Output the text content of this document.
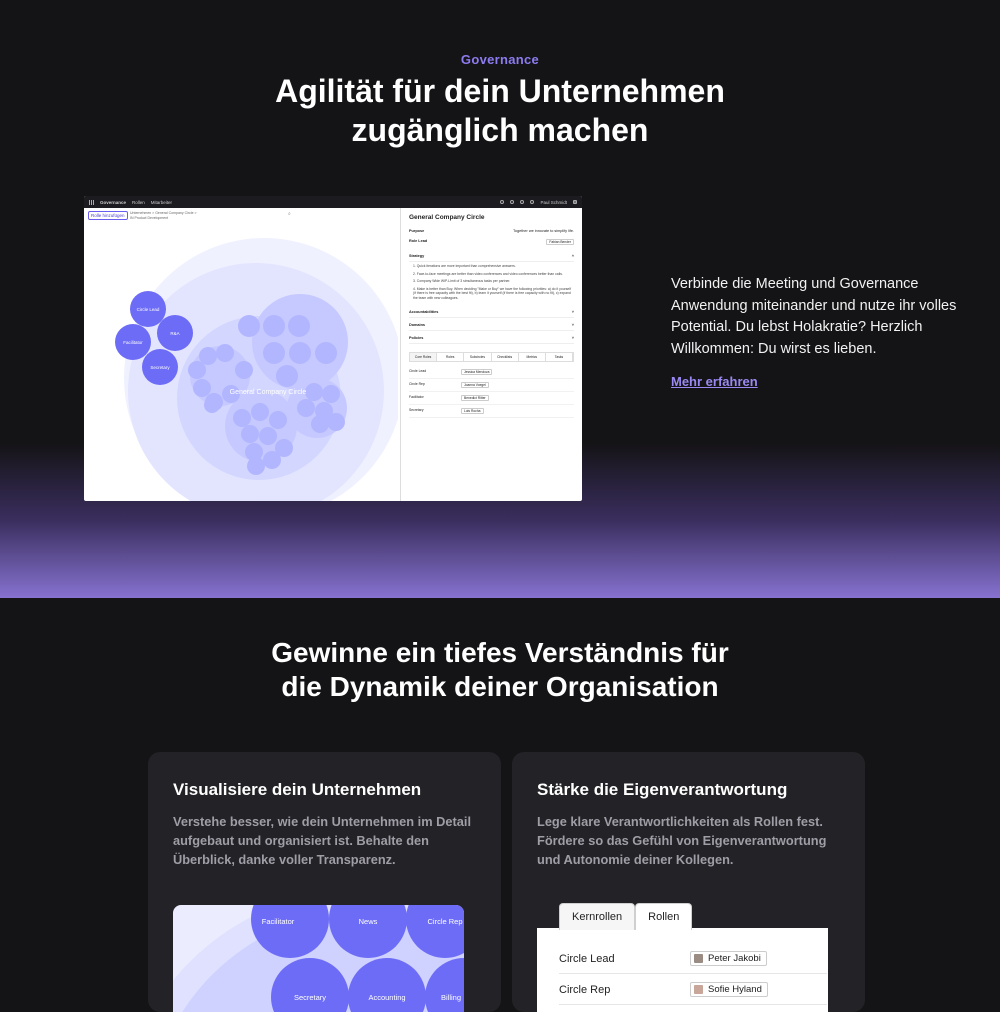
Governance
Agilität für dein Unternehmen
zugänglich machen
Governance Rollen Mitarbeiter	Paul Schmidt
Circle Lead
Facilitator
R&A
Secretary
General Company Circle
Rolle hinzufügen	Unternehmen > General Company Circle > IN Product Development
⌕	General Company Circle
Purpose	Together we innovate to simplify life.
Role Lead	Fabian Bender
Strategy	˄
1. Quick iterations are more important than comprehensive answers.
2. Face-to-face meetings are better than video conferences and video conferences better than calls.
3. Company Wide WIP-Limit of 3 simultaneous tasks per partner.
4. Make is better than Buy. When deciding "Make or Buy" we have the following priorities: a) do it yourself (if there is free capacity with the best fit), b) learn it yourself (if there is free capacity with no fit), c) expand the team with new colleagues.
Accountabilities	˅
Domains	˅
Policies	˅
Core Roles	Roles	Subcircles	Checklists	Metrics	Tasks
Circle Lead	Jessica Mendoza
Circle Rep	Joanna Voegel
Facilitator	Benedict Ritter
Secretary	Luis Rocha

Verbinde die Meeting und Governance Anwendung miteinander und nutze ihr volles Potential. Du lebst Holakratie? Herzlich Willkommen: Du wirst es lieben.

Mehr erfahren
Gewinne ein tiefes Verständnis für
die Dynamik deiner Organisation
Visualisiere dein Unternehmen

Verstehe besser, wie dein Unternehmen im Detail aufgebaut und organisiert ist. Behalte den Überblick, danke voller Transparenz.

Facilitator	News	Circle Rep
Secretary	Accounting	Billing
Stärke die Eigenverantwortung

Lege klare Verantwortlichkeiten als Rollen fest. Fördere so das Gefühl von Eigenverantwortung und Autonomie deiner Kollegen.

Circle Lead	Peter Jakobi
Circle Rep	Sofie Hyland
Kernrollen	Rollen
